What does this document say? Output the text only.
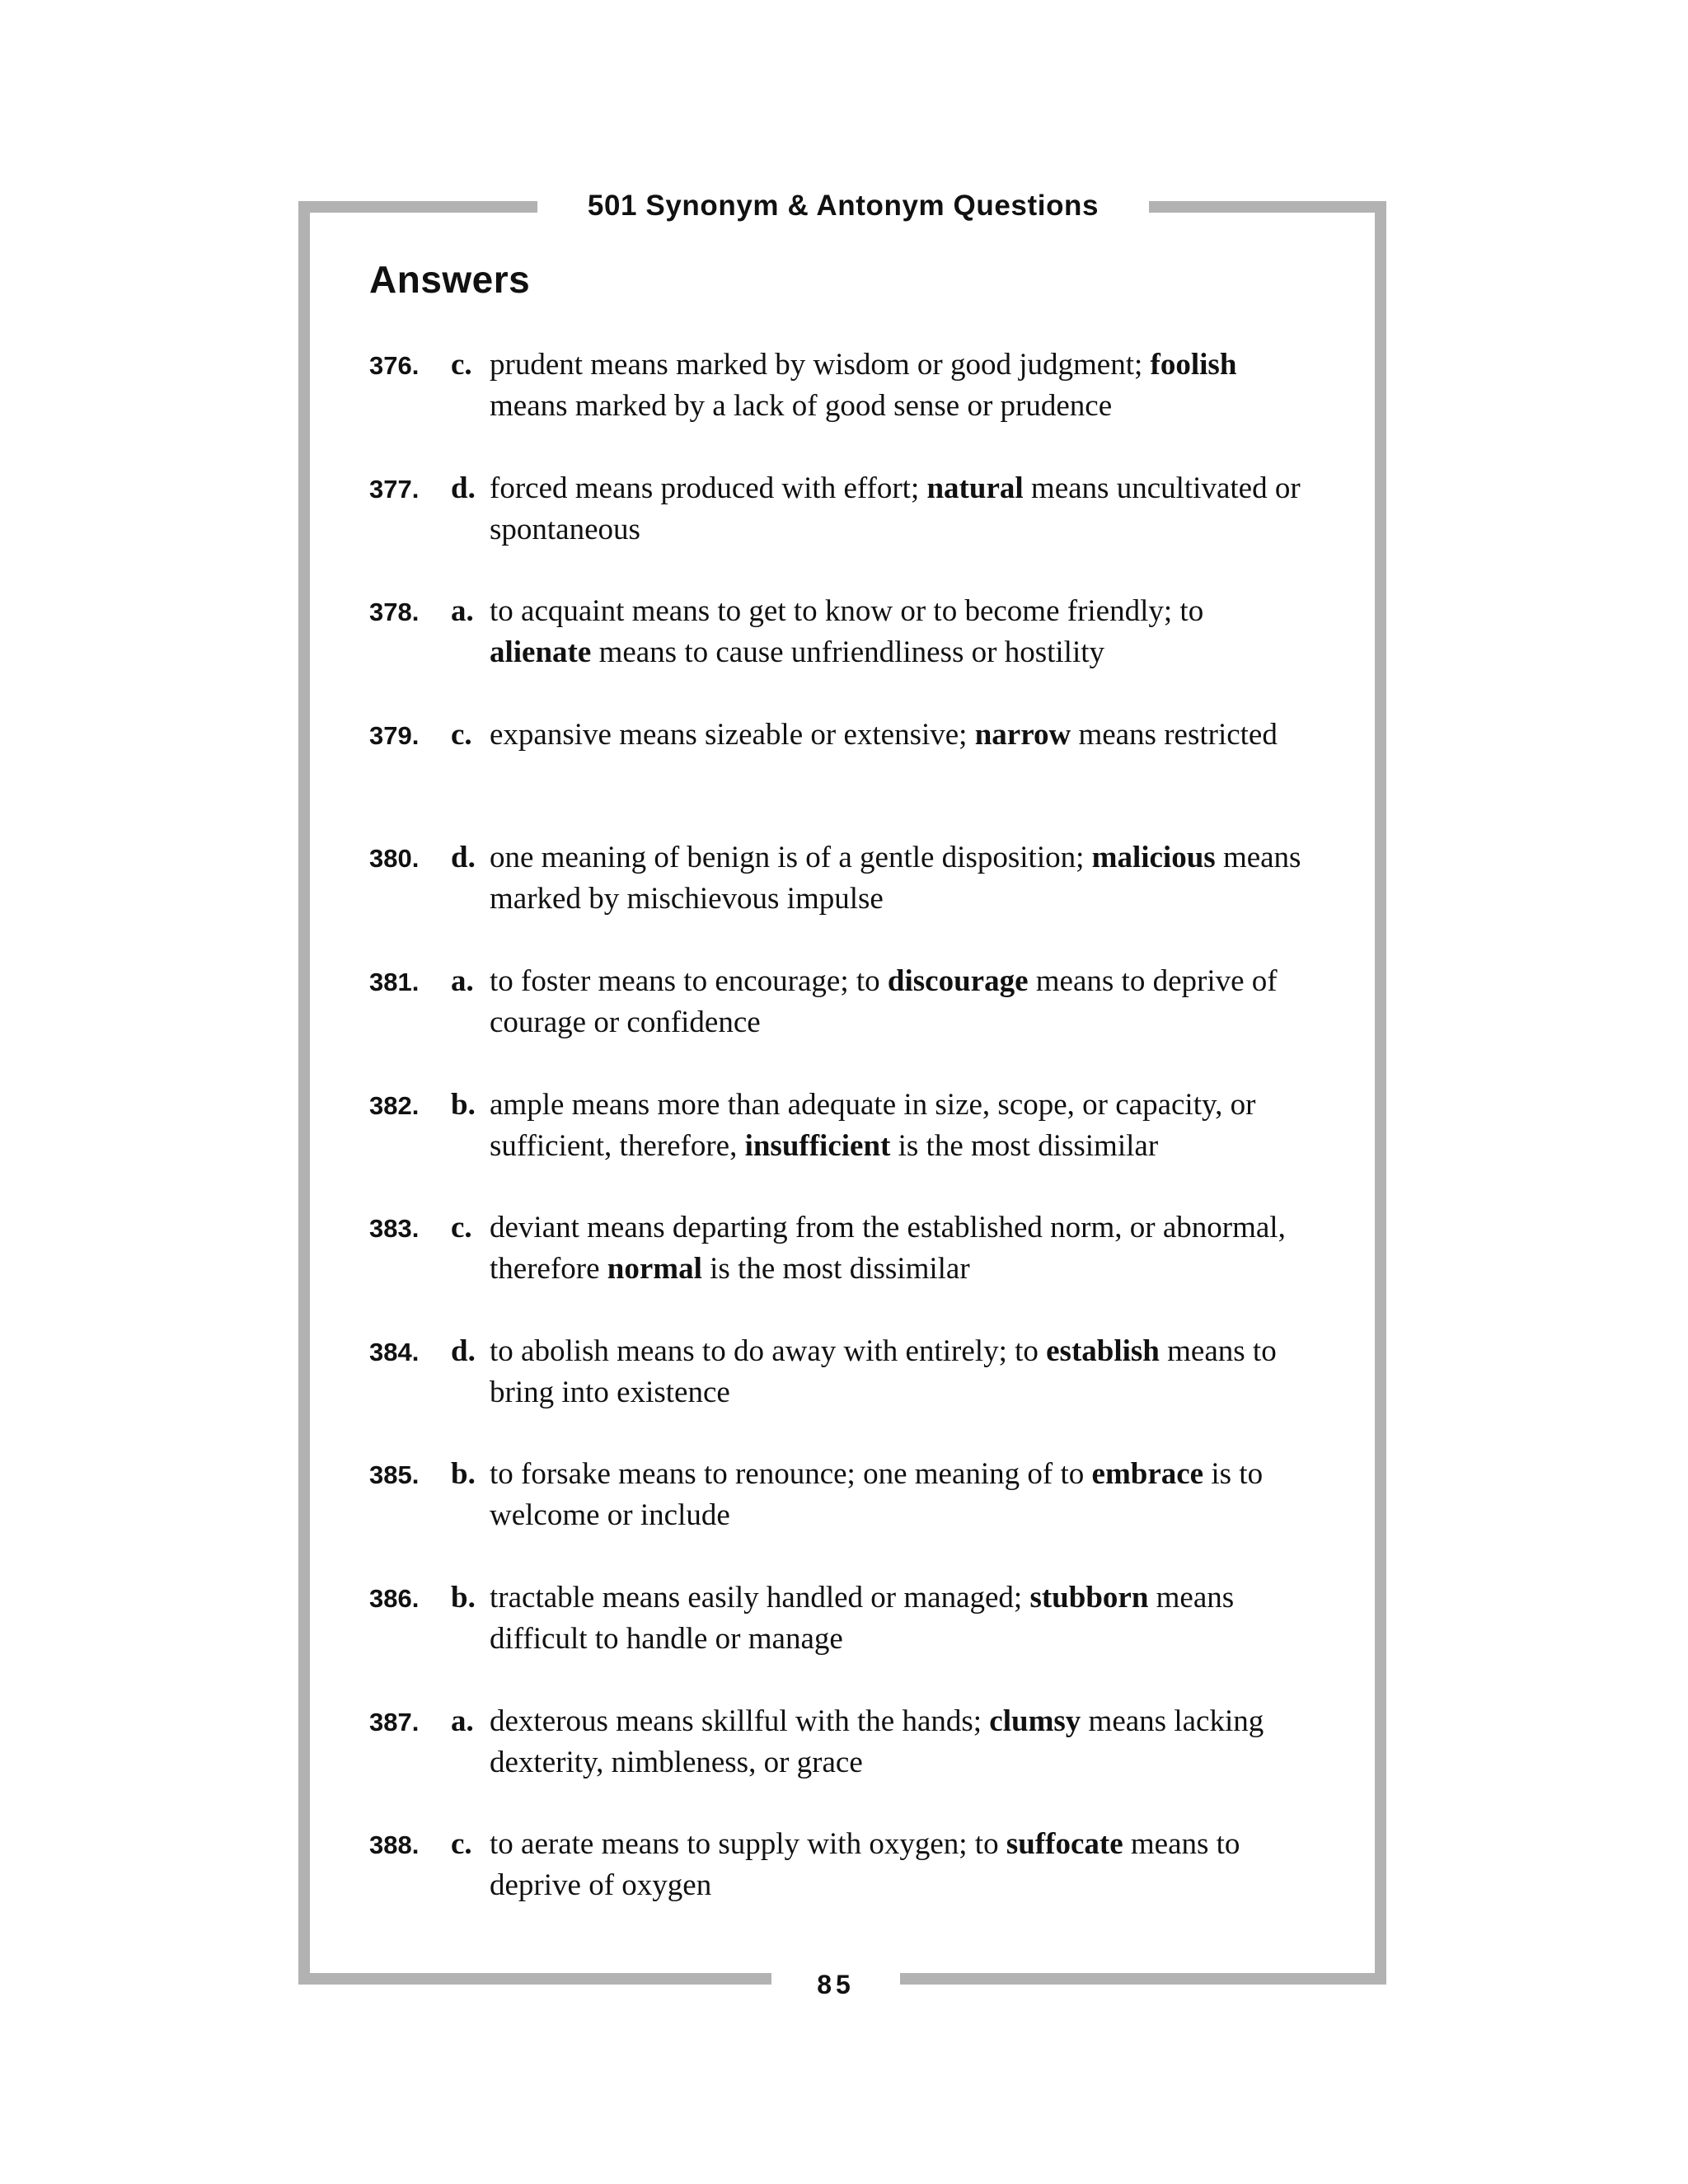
501 Synonym & Antonym Questions
Answers
376. c. prudent means marked by wisdom or good judgment; foolish means marked by a lack of good sense or prudence
377. d. forced means produced with effort; natural means uncultivated or spontaneous
378. a. to acquaint means to get to know or to become friendly; to alienate means to cause unfriendliness or hostility
379. c. expansive means sizeable or extensive; narrow means restricted
380. d. one meaning of benign is of a gentle disposition; malicious means marked by mischievous impulse
381. a. to foster means to encourage; to discourage means to deprive of courage or confidence
382. b. ample means more than adequate in size, scope, or capacity, or sufficient, therefore, insufficient is the most dissimilar
383. c. deviant means departing from the established norm, or abnormal, therefore normal is the most dissimilar
384. d. to abolish means to do away with entirely; to establish means to bring into existence
385. b. to forsake means to renounce; one meaning of to embrace is to welcome or include
386. b. tractable means easily handled or managed; stubborn means difficult to handle or manage
387. a. dexterous means skillful with the hands; clumsy means lacking dexterity, nimbleness, or grace
388. c. to aerate means to supply with oxygen; to suffocate means to deprive of oxygen
85
